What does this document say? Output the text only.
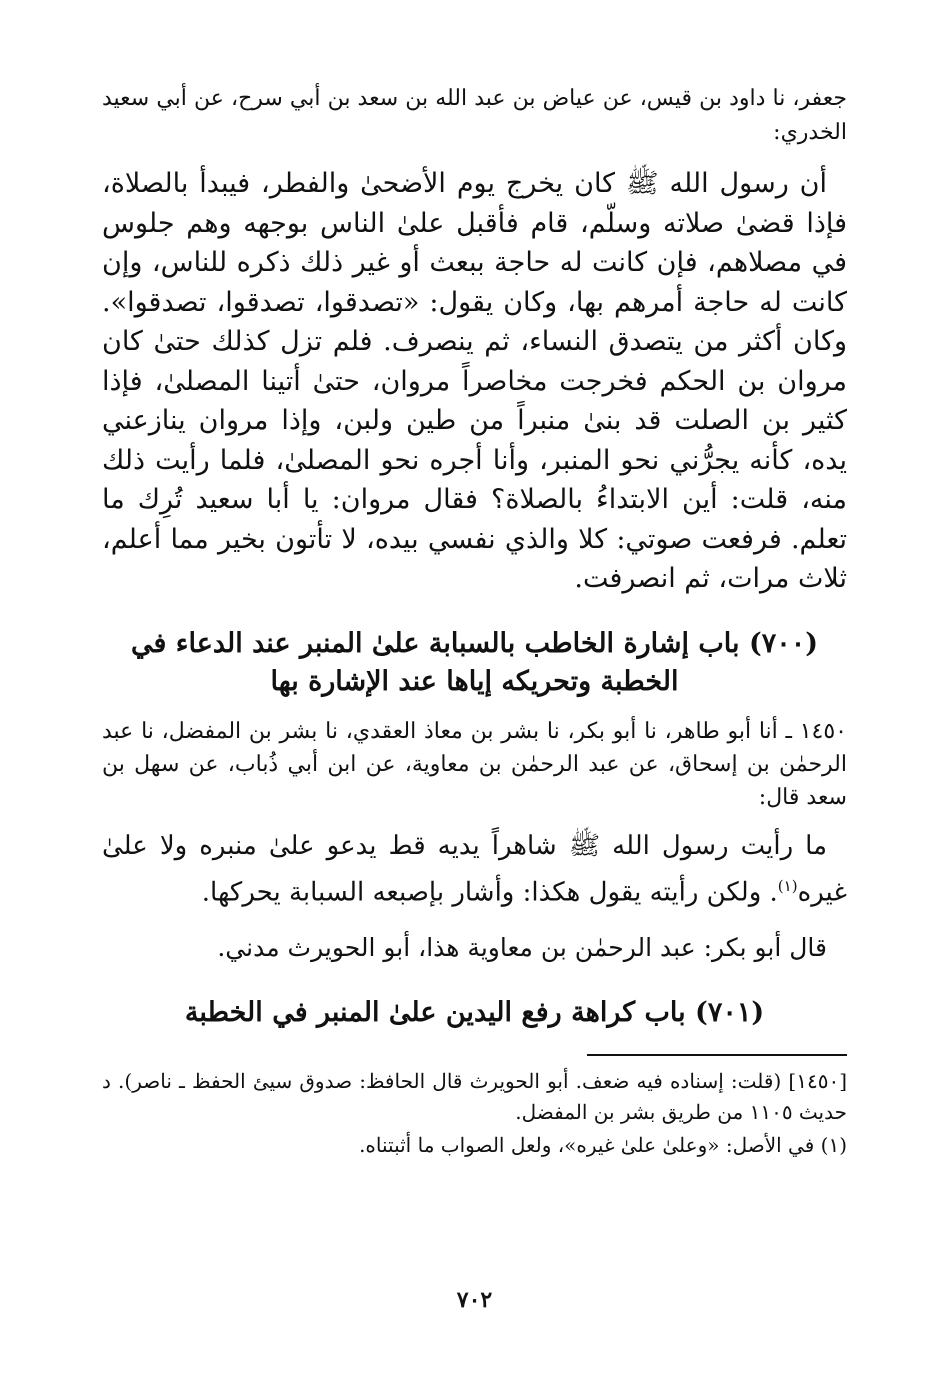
جعفر، نا داود بن قيس، عن عياض بن عبد الله بن سعد بن أبي سرح، عن أبي سعيد الخدري:

أن رسول الله ﷺ كان يخرج يوم الأضحىٰ والفطر، فيبدأ بالصلاة، فإذا قضىٰ صلاته وسلّم، قام فأقبل علىٰ الناس بوجهه وهم جلوس في مصلاهم، فإن كانت له حاجة ببعث أو غير ذلك ذكره للناس، وإن كانت له حاجة أمرهم بها، وكان يقول: «تصدقوا، تصدقوا، تصدقوا». وكان أكثر من يتصدق النساء، ثم ينصرف. فلم تزل كذلك حتىٰ كان مروان بن الحكم فخرجت مخاصراً مروان، حتىٰ أتينا المصلىٰ، فإذا كثير بن الصلت قد بنىٰ منبراً من طين ولبن، وإذا مروان ينازعني يده، كأنه يجرُّني نحو المنبر، وأنا أجره نحو المصلىٰ، فلما رأيت ذلك منه، قلت: أين الابتداءُ بالصلاة؟ فقال مروان: يا أبا سعيد تُرِك ما تعلم. فرفعت صوتي: كلا والذي نفسي بيده، لا تأتون بخير مما أعلم، ثلاث مرات، ثم انصرفت.

(٧٠٠) باب إشارة الخاطب بالسبابة علىٰ المنبر عند الدعاء في الخطبة وتحريكه إياها عند الإشارة بها

١٤٥٠ ـ أنا أبو طاهر، نا أبو بكر، نا بشر بن معاذ العقدي، نا بشر بن المفضل، نا عبد الرحمٰن بن إسحاق، عن عبد الرحمٰن بن معاوية، عن ابن أبي ذُباب، عن سهل بن سعد قال:

ما رأيت رسول الله ﷺ شاهراً يديه قط يدعو علىٰ منبره ولا علىٰ غيره$^{(١)}$. ولكن رأيته يقول هكذا: وأشار بإصبعه السبابة يحركها.

قال أبو بكر: عبد الرحمٰن بن معاوية هذا، أبو الحويرث مدني.

(٧٠١) باب كراهة رفع اليدين علىٰ المنبر في الخطبة

[١٤٥٠] (قلت: إسناده فيه ضعف. أبو الحويرث قال الحافظ: صدوق سيئ الحفظ ـ ناصر). د حديث ١١٠٥ من طريق بشر بن المفضل.

(١) في الأصل: «وعلىٰ علىٰ غيره»، ولعل الصواب ما أثبتناه.

٧٠٢
